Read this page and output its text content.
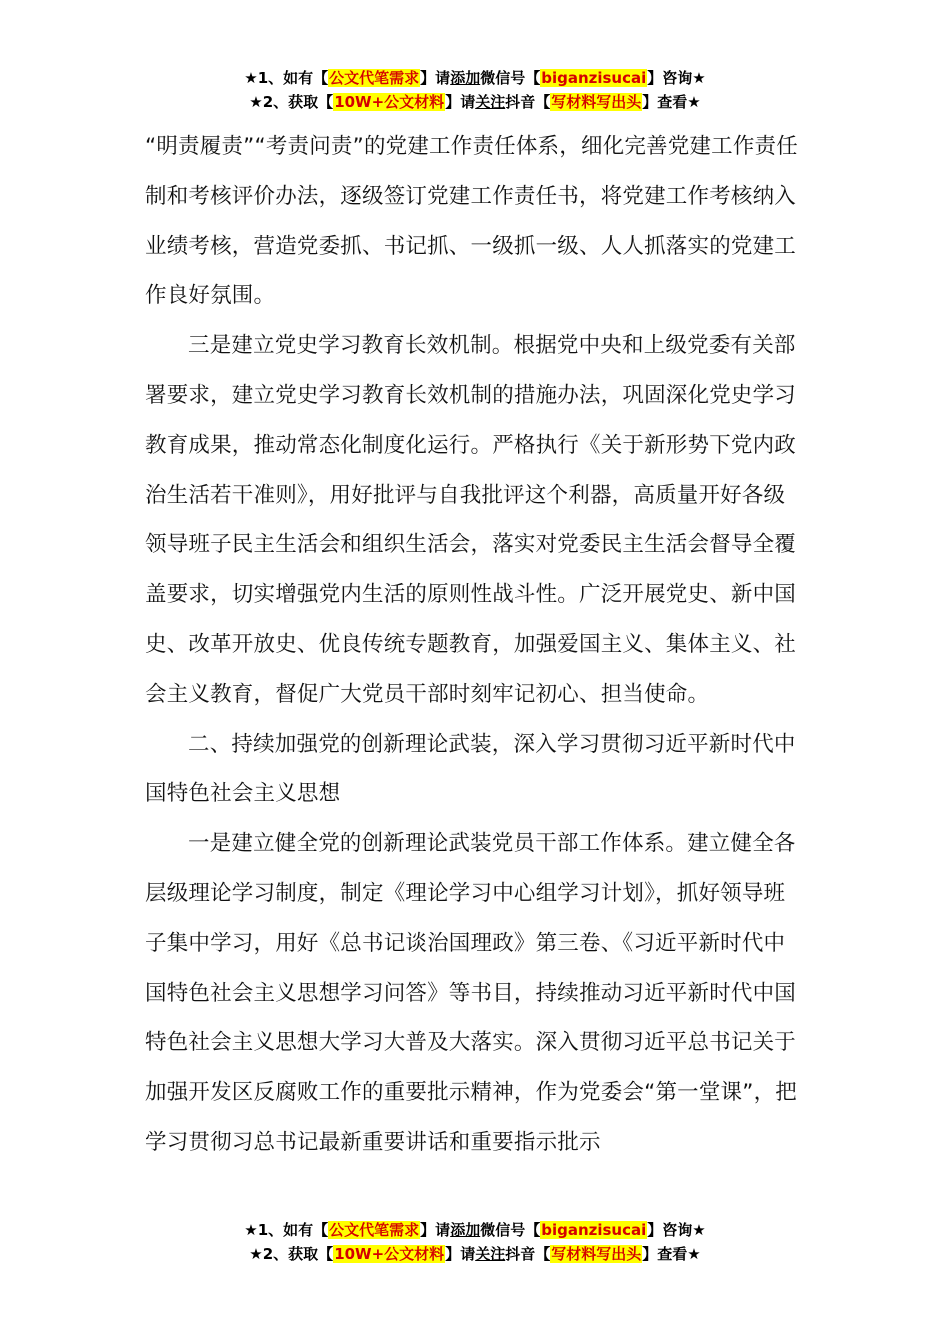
★1、如有【公文代笔需求】请添加微信号【biganzisucai】咨询★
★2、获取【10W+公文材料】请关注抖音【写材料写出头】查看★

“明责履责”“考责问责”的党建工作责任体系，细化完善党建工作责任制和考核评价办法，逐级签订党建工作责任书，将党建工作考核纳入业绩考核，营造党委抓、书记抓、一级抓一级、人人抓落实的党建工作良好氛围。

三是建立党史学习教育长效机制。根据党中央和上级党委有关部署要求，建立党史学习教育长效机制的措施办法，巩固深化党史学习教育成果，推动常态化制度化运行。严格执行《关于新形势下党内政治生活若干准则》，用好批评与自我批评这个利器，高质量开好各级领导班子民主生活会和组织生活会，落实对党委民主生活会督导全覆盖要求，切实增强党内生活的原则性战斗性。广泛开展党史、新中国史、改革开放史、优良传统专题教育，加强爱国主义、集体主义、社会主义教育，督促广大党员干部时刻牢记初心、担当使命。

二、持续加强党的创新理论武装，深入学习贯彻习近平新时代中国特色社会主义思想

一是建立健全党的创新理论武装党员干部工作体系。建立健全各层级理论学习制度，制定《理论学习中心组学习计划》，抓好领导班子集中学习，用好《总书记谈治国理政》第三卷、《习近平新时代中国特色社会主义思想学习问答》等书目，持续推动习近平新时代中国特色社会主义思想大学习大普及大落实。深入贯彻习近平总书记关于加强开发区反腐败工作的重要批示精神，作为党委会“第一堂课”，把学习贯彻习总书记最新重要讲话和重要指示批示

★1、如有【公文代笔需求】请添加微信号【biganzisucai】咨询★
★2、获取【10W+公文材料】请关注抖音【写材料写出头】查看★
